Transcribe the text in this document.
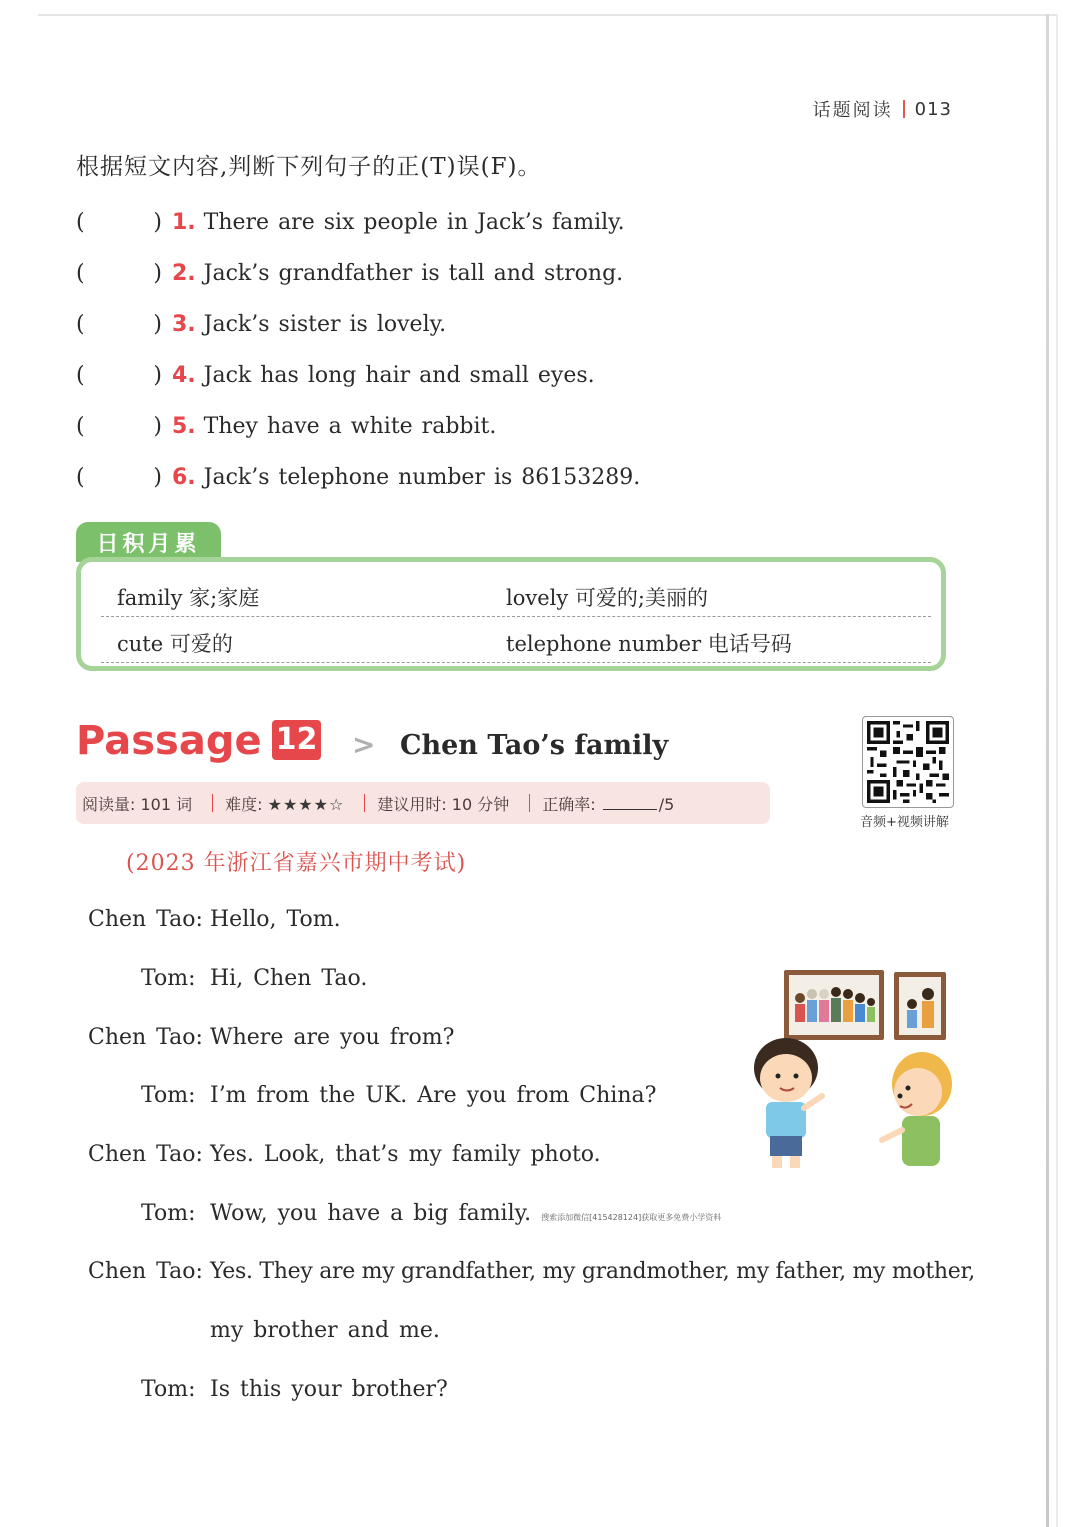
话题阅读 013
根据短文内容,判断下列句子的正(T)误(F)。
(	) 1. There are six people in Jack’s family.
(	) 2. Jack’s grandfather is tall and strong.
(	) 3. Jack’s sister is lovely.
(	) 4. Jack has long hair and small eyes.
(	) 5. They have a white rabbit.
(	) 6. Jack’s telephone number is 86153289.
日积月累
family 家;家庭	lovely 可爱的;美丽的
cute 可爱的	telephone number 电话号码
Passage 12 > Chen Tao’s family
阅读量: 101 词	难度: ★★★★☆	建议用时: 10 分钟	正确率:	/5
音频+视频讲解
(2023 年浙江省嘉兴市期中考试)
Chen Tao: Hello, Tom.
Tom: Hi, Chen Tao.
Chen Tao: Where are you from?
Tom: I’m from the UK. Are you from China?
Chen Tao: Yes. Look, that’s my family photo.
Tom: Wow, you have a big family. 搜索添加微信[415428124]获取更多免费小学资料
Chen Tao: Yes. They are my grandfather, my grandmother, my father, my mother,
my brother and me.
Tom: Is this your brother?
